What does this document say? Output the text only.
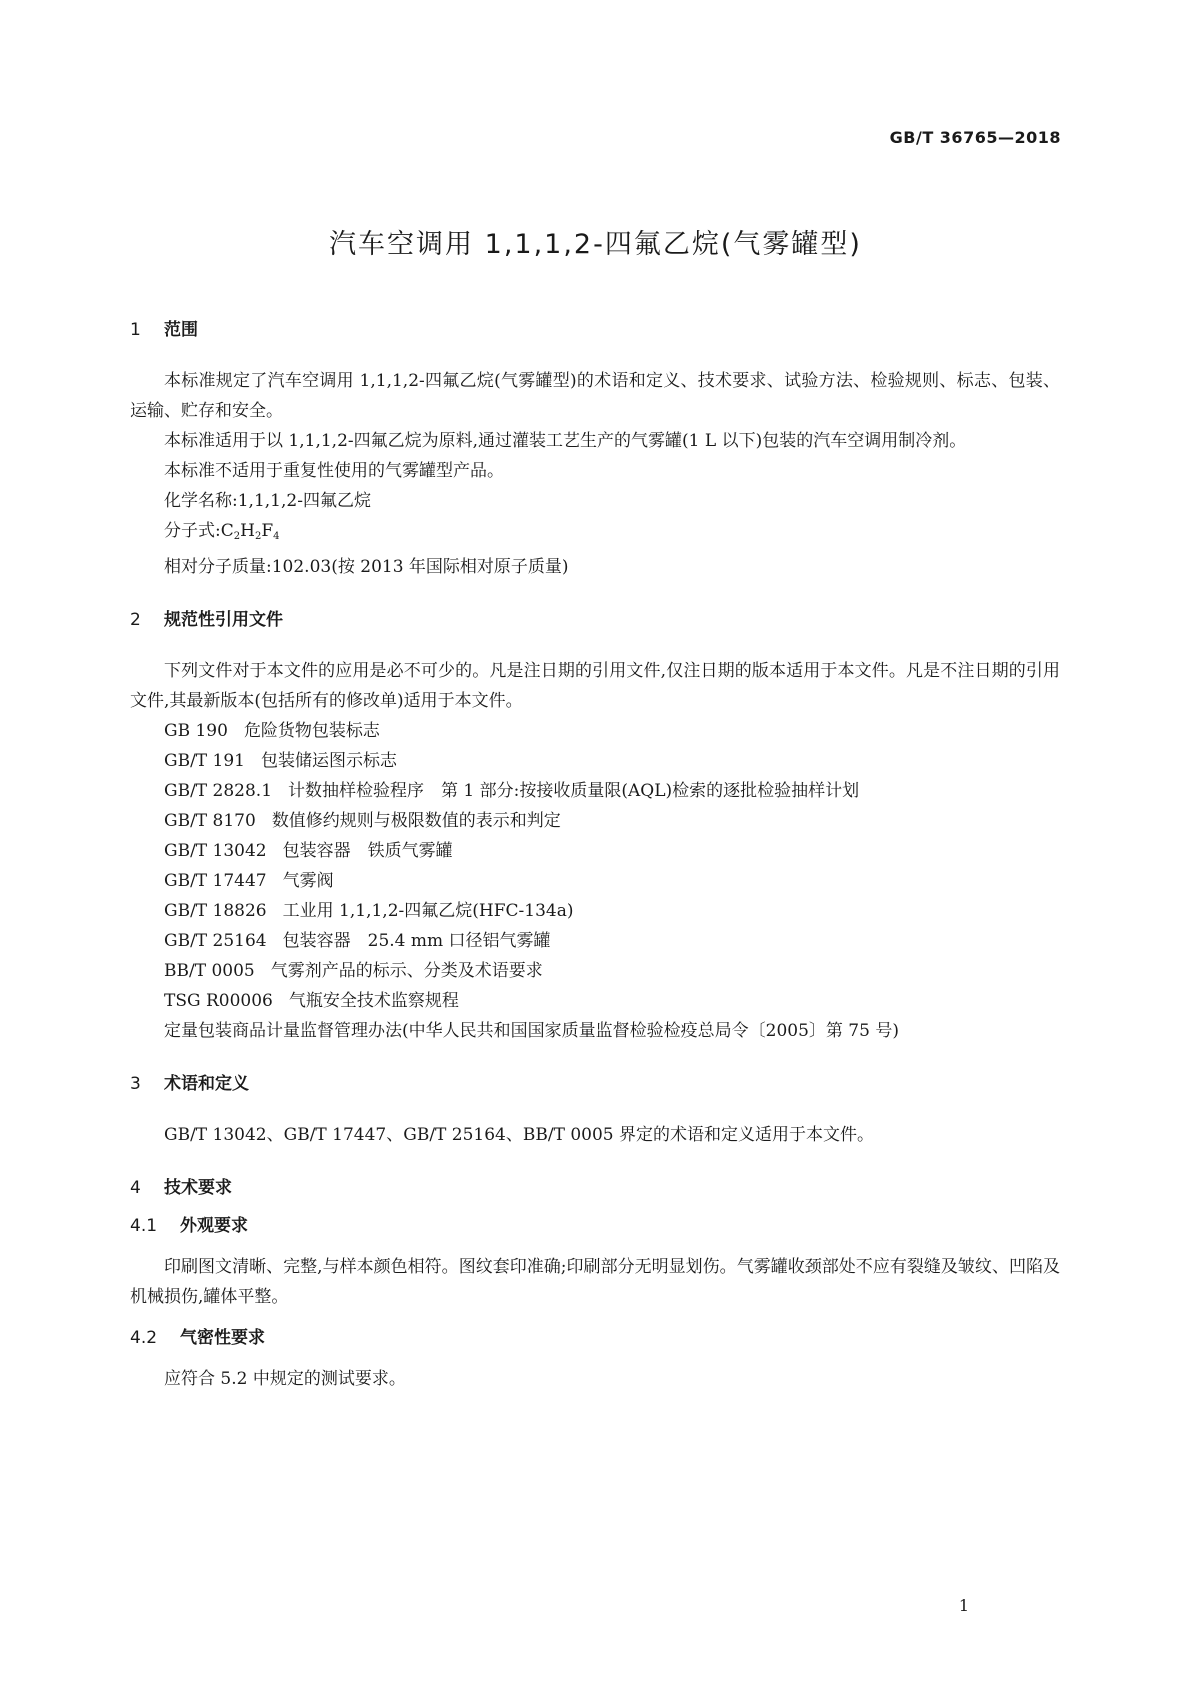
GB/T 36765—2018
汽车空调用 1,1,1,2-四氟乙烷(气雾罐型)
1 范围

本标准规定了汽车空调用 1,1,1,2-四氟乙烷(气雾罐型)的术语和定义、技术要求、试验方法、检验规则、标志、包装、运输、贮存和安全。

本标准适用于以 1,1,1,2-四氟乙烷为原料,通过灌装工艺生产的气雾罐(1 L 以下)包装的汽车空调用制冷剂。

本标准不适用于重复性使用的气雾罐型产品。

化学名称:1,1,1,2-四氟乙烷

分子式$:C_2H_2F_4$

相对分子质量:102.03(按 2013 年国际相对原子质量)

2 规范性引用文件

下列文件对于本文件的应用是必不可少的。凡是注日期的引用文件,仅注日期的版本适用于本文件。凡是不注日期的引用文件,其最新版本(包括所有的修改单)适用于本文件。

GB 190 危险货物包装标志
GB/T 191 包装储运图示标志
GB/T 2828.1 计数抽样检验程序　第 1 部分:按接收质量限(AQL)检索的逐批检验抽样计划
GB/T 8170 数值修约规则与极限数值的表示和判定
GB/T 13042 包装容器　铁质气雾罐
GB/T 17447 气雾阀
GB/T 18826 工业用 1,1,1,2-四氟乙烷(HFC-134a)
GB/T 25164 包装容器　25.4 mm 口径铝气雾罐
BB/T 0005 气雾剂产品的标示、分类及术语要求
TSG R00006 气瓶安全技术监察规程
定量包装商品计量监督管理办法(中华人民共和国国家质量监督检验检疫总局令〔2005〕第 75 号)
3 术语和定义

GB/T 13042、GB/T 17447、GB/T 25164、BB/T 0005 界定的术语和定义适用于本文件。

4 技术要求
4.1 外观要求

印刷图文清晰、完整,与样本颜色相符。图纹套印准确;印刷部分无明显划伤。气雾罐收颈部处不应有裂缝及皱纹、凹陷及机械损伤,罐体平整。

4.2 气密性要求

应符合 5.2 中规定的测试要求。

1
